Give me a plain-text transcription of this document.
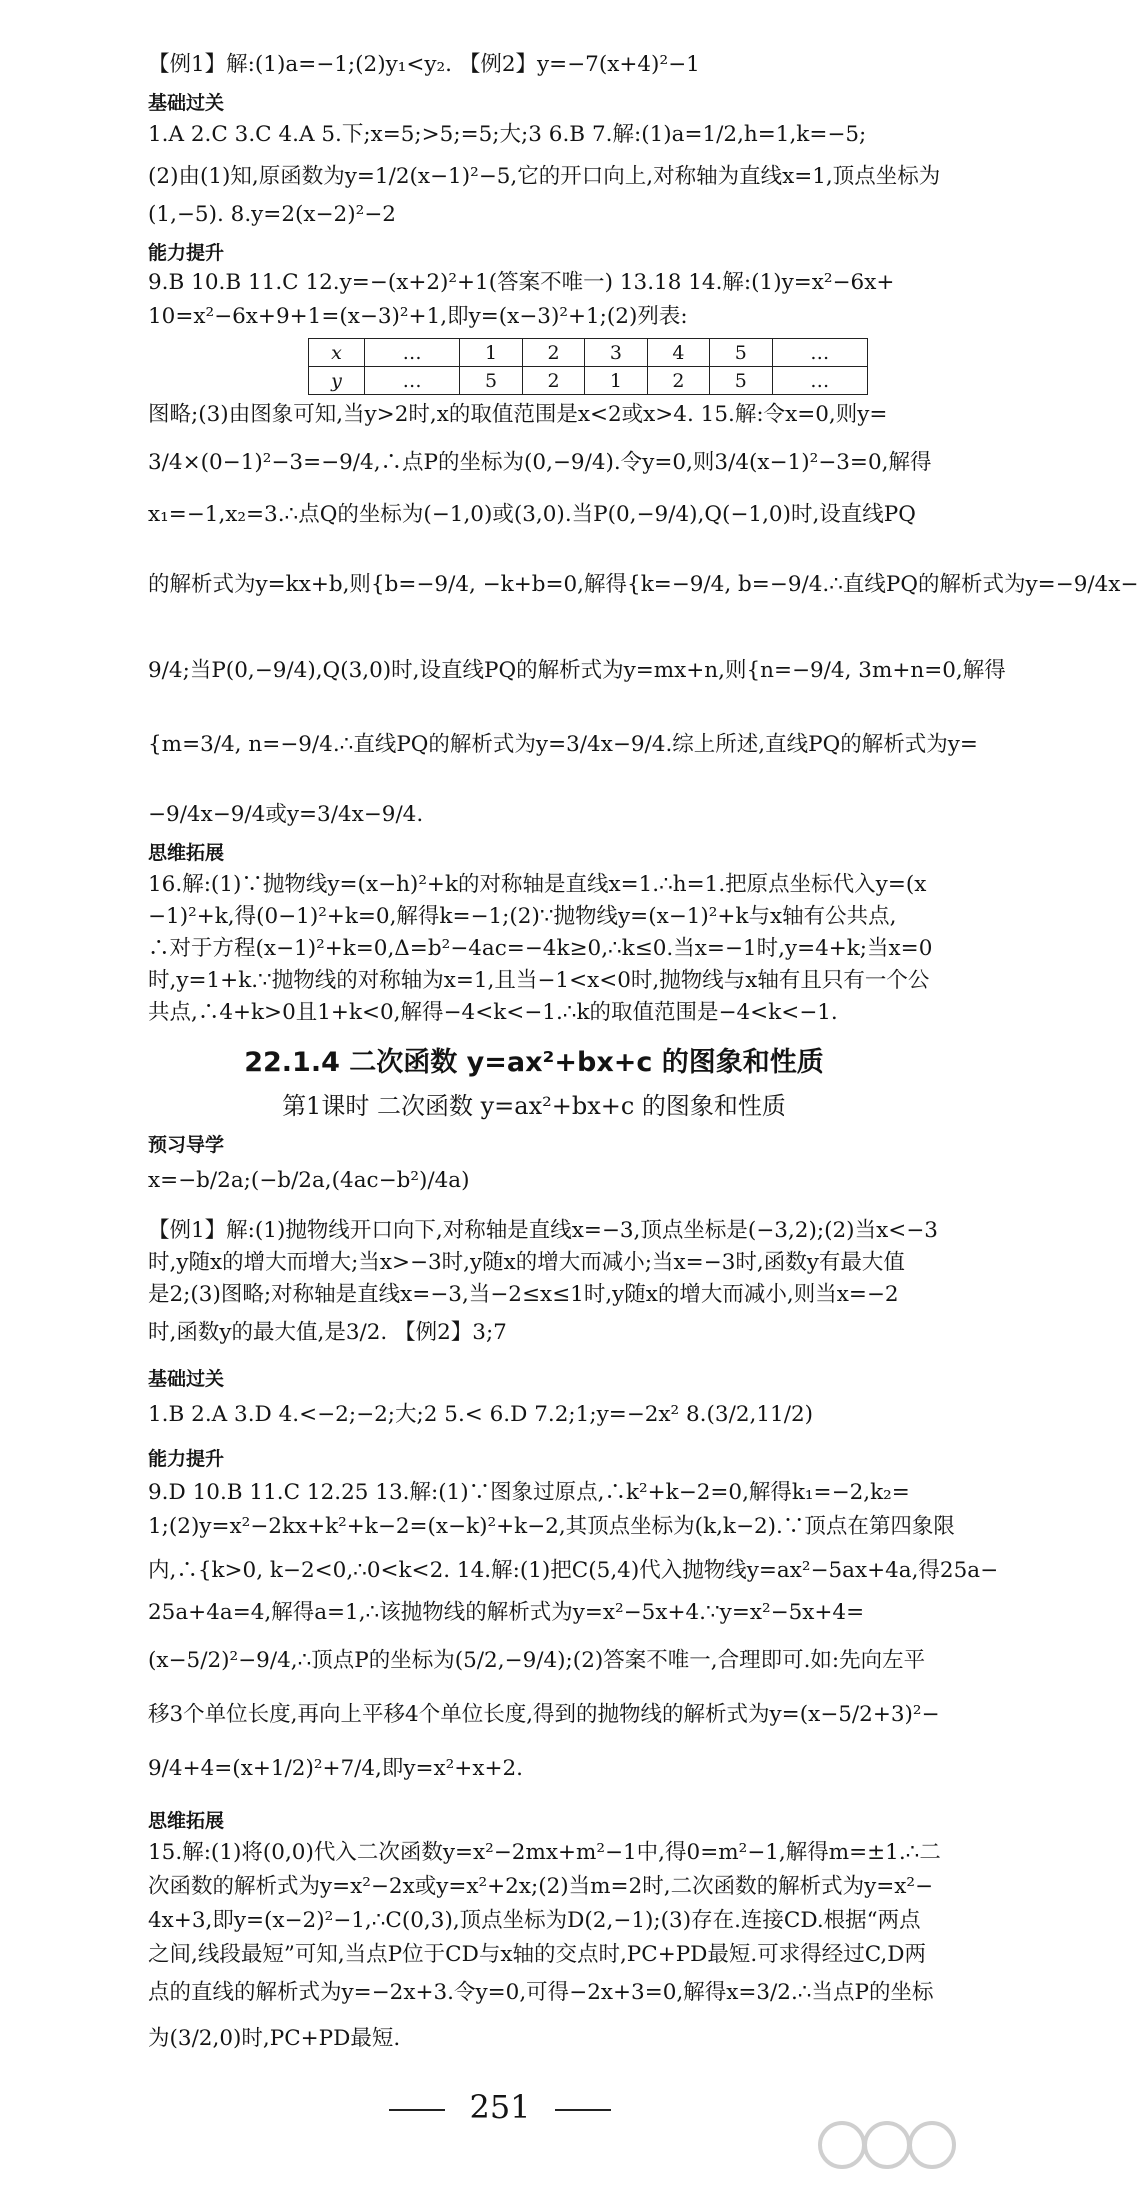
【例1】解:(1)a=−1;(2)y₁<y₂. 【例2】y=−7(x+4)²−1
基础过关
1.A 2.C 3.C 4.A 5.下;x=5;>5;=5;大;3 6.B 7.解:(1)a=1/2,h=1,k=−5;
(2)由(1)知,原函数为y=1/2(x−1)²−5,它的开口向上,对称轴为直线x=1,顶点坐标为
(1,−5). 8.y=2(x−2)²−2
能力提升
9.B 10.B 11.C 12.y=−(x+2)²+1(答案不唯一) 13.18 14.解:(1)y=x²−6x+
10=x²−6x+9+1=(x−3)²+1,即y=(x−3)²+1;(2)列表:
x	…	1	2	3	4	5	…
y	…	5	2	1	2	5	…
图略;(3)由图象可知,当y>2时,x的取值范围是x<2或x>4. 15.解:令x=0,则y=
3/4×(0−1)²−3=−9/4,∴点P的坐标为(0,−9/4).令y=0,则3/4(x−1)²−3=0,解得
x₁=−1,x₂=3.∴点Q的坐标为(−1,0)或(3,0).当P(0,−9/4),Q(−1,0)时,设直线PQ
的解析式为y=kx+b,则{b=−9/4, −k+b=0,解得{k=−9/4, b=−9/4.∴直线PQ的解析式为y=−9/4x−
9/4;当P(0,−9/4),Q(3,0)时,设直线PQ的解析式为y=mx+n,则{n=−9/4, 3m+n=0,解得
{m=3/4, n=−9/4.∴直线PQ的解析式为y=3/4x−9/4.综上所述,直线PQ的解析式为y=
−9/4x−9/4或y=3/4x−9/4.
思维拓展
16.解:(1)∵抛物线y=(x−h)²+k的对称轴是直线x=1.∴h=1.把原点坐标代入y=(x
−1)²+k,得(0−1)²+k=0,解得k=−1;(2)∵抛物线y=(x−1)²+k与x轴有公共点,
∴对于方程(x−1)²+k=0,Δ=b²−4ac=−4k≥0,∴k≤0.当x=−1时,y=4+k;当x=0
时,y=1+k.∵抛物线的对称轴为x=1,且当−1<x<0时,抛物线与x轴有且只有一个公
共点,∴4+k>0且1+k<0,解得−4<k<−1.∴k的取值范围是−4<k<−1.
22.1.4 二次函数 y=ax²+bx+c 的图象和性质
第1课时 二次函数 y=ax²+bx+c 的图象和性质
预习导学
x=−b/2a;(−b/2a,(4ac−b²)/4a)
【例1】解:(1)抛物线开口向下,对称轴是直线x=−3,顶点坐标是(−3,2);(2)当x<−3
时,y随x的增大而增大;当x>−3时,y随x的增大而减小;当x=−3时,函数y有最大值
是2;(3)图略;对称轴是直线x=−3,当−2≤x≤1时,y随x的增大而减小,则当x=−2
时,函数y的最大值,是3/2. 【例2】3;7
基础过关
1.B 2.A 3.D 4.<−2;−2;大;2 5.< 6.D 7.2;1;y=−2x² 8.(3/2,11/2)
能力提升
9.D 10.B 11.C 12.25 13.解:(1)∵图象过原点,∴k²+k−2=0,解得k₁=−2,k₂=
1;(2)y=x²−2kx+k²+k−2=(x−k)²+k−2,其顶点坐标为(k,k−2).∵顶点在第四象限
内,∴{k>0, k−2<0,∴0<k<2. 14.解:(1)把C(5,4)代入抛物线y=ax²−5ax+4a,得25a−
25a+4a=4,解得a=1,∴该抛物线的解析式为y=x²−5x+4.∵y=x²−5x+4=
(x−5/2)²−9/4,∴顶点P的坐标为(5/2,−9/4);(2)答案不唯一,合理即可.如:先向左平
移3个单位长度,再向上平移4个单位长度,得到的抛物线的解析式为y=(x−5/2+3)²−
9/4+4=(x+1/2)²+7/4,即y=x²+x+2.
思维拓展
15.解:(1)将(0,0)代入二次函数y=x²−2mx+m²−1中,得0=m²−1,解得m=±1.∴二
次函数的解析式为y=x²−2x或y=x²+2x;(2)当m=2时,二次函数的解析式为y=x²−
4x+3,即y=(x−2)²−1,∴C(0,3),顶点坐标为D(2,−1);(3)存在.连接CD.根据“两点
之间,线段最短”可知,当点P位于CD与x轴的交点时,PC+PD最短.可求得经过C,D两
点的直线的解析式为y=−2x+3.令y=0,可得−2x+3=0,解得x=3/2.∴当点P的坐标
为(3/2,0)时,PC+PD最短.
251
